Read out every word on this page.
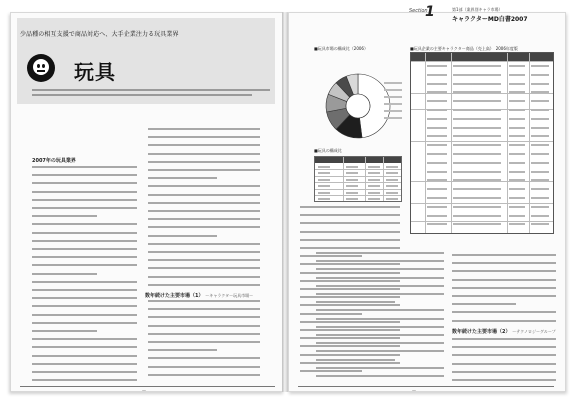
少品種の相互支援で商品対応へ、大手企業注力る玩具業界
玩具
2007年の玩具業界
数年続けた主要市場（1） ーキャラクター玩具市場ー
—
Section
1	第1部（業界別キャラ市場）
キャラクターMD白書2007
■玩具市場の構成比（2006）
■玩具の構成比
■玩具企業の主要キャラクター商品（売上高）　2006年度版
数年続けた主要市場（2） ーテクノロジーグループ
—
